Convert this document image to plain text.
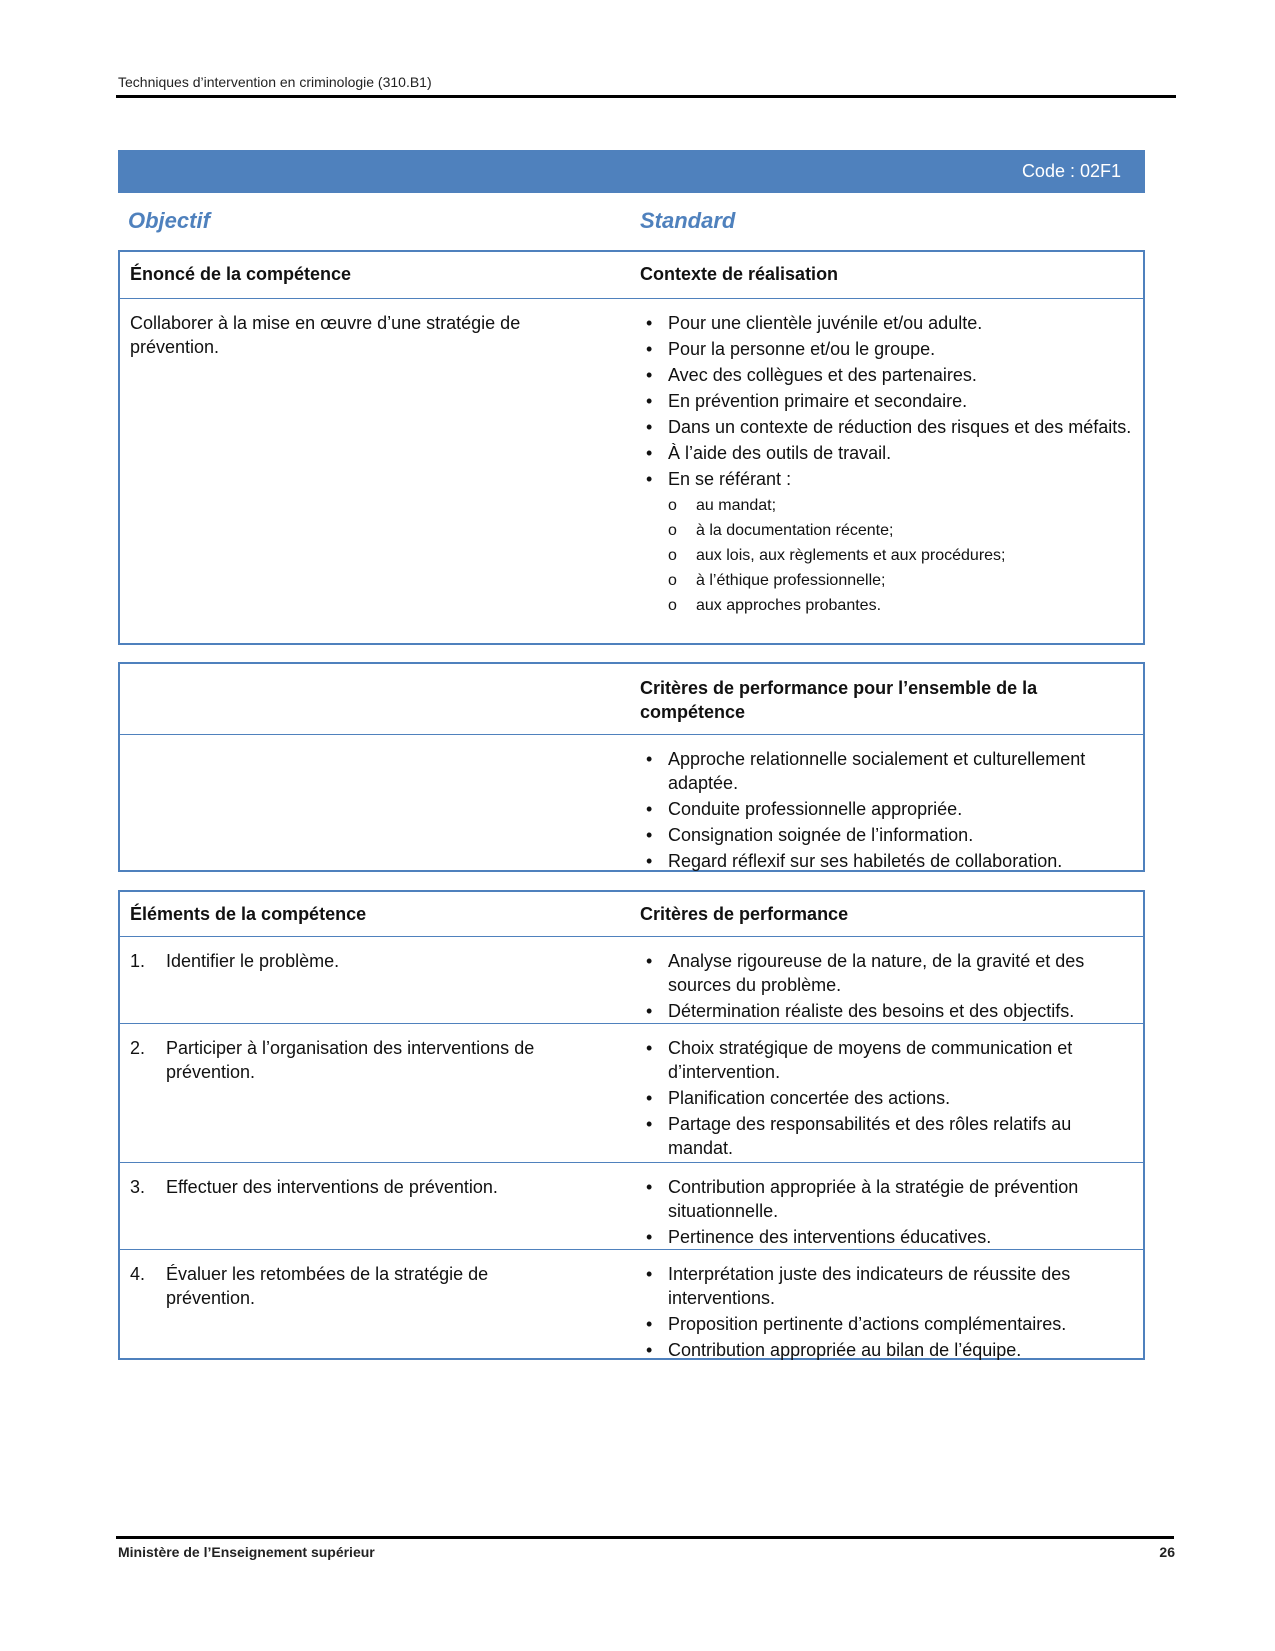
Techniques d’intervention en criminologie (310.B1)
Code : 02F1
Objectif	Standard
Énoncé de la compétence	Contexte de réalisation
Collaborer à la mise en œuvre d’une stratégie de prévention.
• Pour une clientèle juvénile et/ou adulte.
• Pour la personne et/ou le groupe.
• Avec des collègues et des partenaires.
• En prévention primaire et secondaire.
• Dans un contexte de réduction des risques et des méfaits.
• À l’aide des outils de travail.
• En se référant :
o au mandat;
o à la documentation récente;
o aux lois, aux règlements et aux procédures;
o à l’éthique professionnelle;
o aux approches probantes.
Critères de performance pour l’ensemble de la compétence
• Approche relationnelle socialement et culturellement adaptée.
• Conduite professionnelle appropriée.
• Consignation soignée de l’information.
• Regard réflexif sur ses habiletés de collaboration.
Éléments de la compétence	Critères de performance
1.	Identifier le problème.	• Analyse rigoureuse de la nature, de la gravité et des sources du problème.
• Détermination réaliste des besoins et des objectifs.
2.	Participer à l’organisation des interventions de prévention.
• Choix stratégique de moyens de communication et d’intervention.
• Planification concertée des actions.
• Partage des responsabilités et des rôles relatifs au mandat.
3.	Effectuer des interventions de prévention.	• Contribution appropriée à la stratégie de prévention situationnelle.
• Pertinence des interventions éducatives.
4.	Évaluer les retombées de la stratégie de prévention.
• Interprétation juste des indicateurs de réussite des interventions.
• Proposition pertinente d’actions complémentaires.
• Contribution appropriée au bilan de l’équipe.
Ministère de l’Enseignement supérieur	26
